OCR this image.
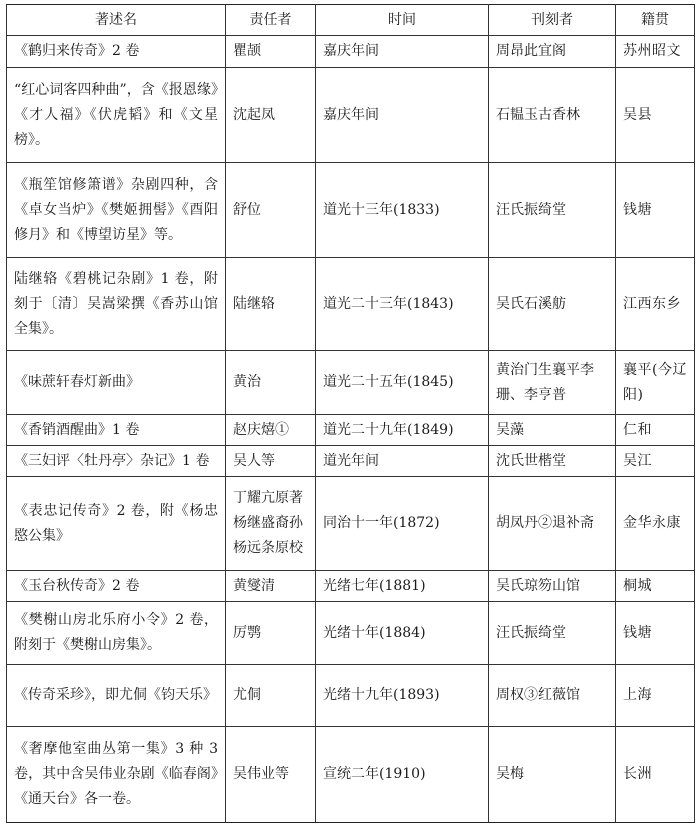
著述名	责任者	时间	刊刻者	籍贯
《鹤归来传奇》2 卷	瞿颉	嘉庆年间	周昂此宜阁	苏州昭文
“红心词客四种曲”，含《报恩缘》《才人福》《伏虎韬》和《文星榜》。	沈起凤	嘉庆年间	石韫玉古香林	吴县
《瓶笙馆修箫谱》杂剧四种，含《卓女当炉》《樊姬拥髻》《酉阳修月》和《博望访星》等。	舒位	道光十三年(1833)	汪氏振绮堂	钱塘
陆继辂《碧桃记杂剧》1 卷，附刻于〔清〕吴嵩梁撰《香苏山馆全集》。	陆继辂	道光二十三年(1843)	吴氏石溪舫	江西东乡
《味蔗轩春灯新曲》	黄治	道光二十五年(1845)	黄治门生襄平李珊、李亨普	襄平(今辽阳)
《香销酒醒曲》1 卷	赵庆熺①	道光二十九年(1849)	吴藻	仁和
《三妇评〈牡丹亭〉杂记》1 卷	吴人等	道光年间	沈氏世楷堂	吴江
《表忠记传奇》2 卷，附《杨忠愍公集》	丁耀亢原著杨继盛裔孙杨远条原校	同治十一年(1872)	胡凤丹②退补斋	金华永康
《玉台秋传奇》2 卷	黄燮清	光绪七年(1881)	吴氏琼笏山馆	桐城
《樊榭山房北乐府小令》2 卷，附刻于《樊榭山房集》。	厉鹗	光绪十年(1884)	汪氏振绮堂	钱塘
《传奇采珍》，即尤侗《钧天乐》	尤侗	光绪十九年(1893)	周权③红薇馆	上海
《奢摩他室曲丛第一集》3 种 3 卷，其中含吴伟业杂剧《临春阁》《通天台》各一卷。	吴伟业等	宣统二年(1910)	吴梅	长洲
